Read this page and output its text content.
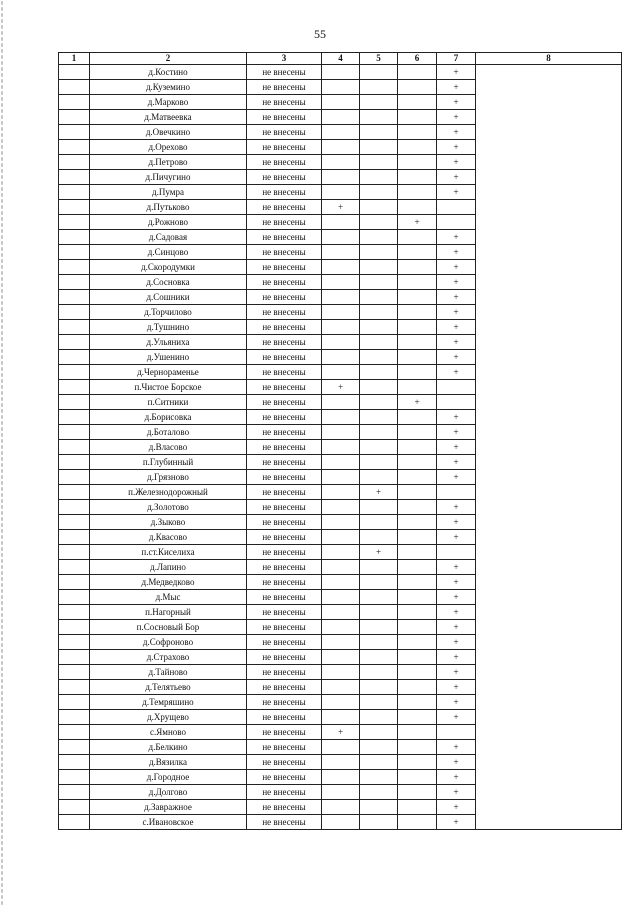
55
1	2	3	4	5	6	7	8
	д.Костино	не внесены				+	
	д.Куземино	не внесены				+	
	д.Марково	не внесены				+	
	д.Матвеевка	не внесены				+	
	д.Овечкино	не внесены				+	
	д.Орехово	не внесены				+	
	д.Петрово	не внесены				+	
	д.Пичугино	не внесены				+	
	д.Пумра	не внесены				+	
	д.Путьково	не внесены	+				
	д.Рожново	не внесены			+		
	д.Садовая	не внесены				+	
	д.Синцово	не внесены				+	
	д.Скородумки	не внесены				+	
	д.Сосновка	не внесены				+	
	д.Сошники	не внесены				+	
	д.Торчилово	не внесены				+	
	д.Тушнино	не внесены				+	
	д.Ульяниха	не внесены				+	
	д.Ушенино	не внесены				+	
	д.Чернораменье	не внесены				+	
	п.Чистое Борское	не внесены	+				
	п.Ситники	не внесены			+		
	д.Борисовка	не внесены				+	
	д.Боталово	не внесены				+	
	д.Власово	не внесены				+	
	п.Глубинный	не внесены				+	
	д.Грязново	не внесены				+	
	п.Железнодорожный	не внесены		+			
	д.Золотово	не внесены				+	
	д.Зыково	не внесены				+	
	д.Квасово	не внесены				+	
	п.ст.Киселиха	не внесены		+			
	д.Лапино	не внесены				+	
	д.Медведково	не внесены				+	
	д.Мыс	не внесены				+	
	п.Нагорный	не внесены				+	
	п.Сосновый Бор	не внесены				+	
	д.Софроново	не внесены				+	
	д.Страхово	не внесены				+	
	д.Тайново	не внесены				+	
	д.Телятьево	не внесены				+	
	д.Темряшино	не внесены				+	
	д.Хрущево	не внесены				+	
	с.Ямново	не внесены	+				
	д.Белкино	не внесены				+	
	д.Вязилка	не внесены				+	
	д.Городное	не внесены				+	
	д.Долгово	не внесены				+	
	д.Завражное	не внесены				+	
	с.Ивановское	не внесены				+	
